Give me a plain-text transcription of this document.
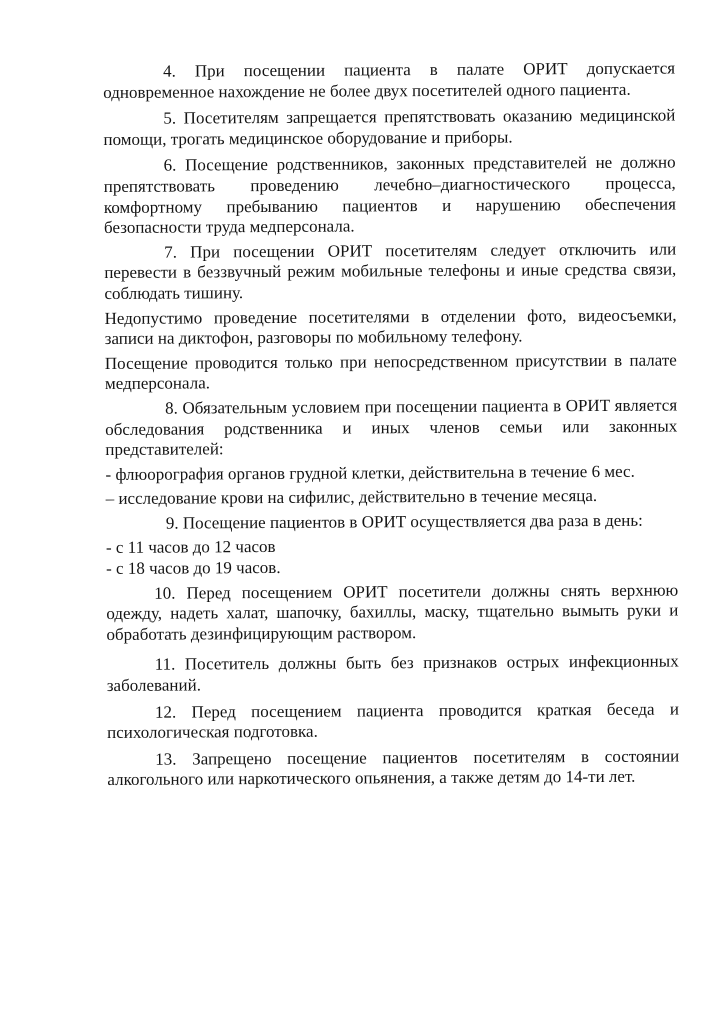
4. При посещении пациента в палате ОРИТ допускается одновременное нахождение не более двух посетителей одного пациента.

5. Посетителям запрещается препятствовать оказанию медицинской помощи, трогать медицинское оборудование и приборы.

6. Посещение родственников, законных представителей не должно препятствовать проведению лечебно–диагностического процесса, комфортному пребыванию пациентов и нарушению обеспечения безопасности труда медперсонала.

7. При посещении ОРИТ посетителям следует отключить или перевести в беззвучный режим мобильные телефоны и иные средства связи, соблюдать тишину.

Недопустимо проведение посетителями в отделении фото, видеосъемки, записи на диктофон, разговоры по мобильному телефону.

Посещение проводится только при непосредственном присутствии в палате медперсонала.

8. Обязательным условием при посещении пациента в ОРИТ является обследования родственника и иных членов семьи или законных представителей:

- флюорография органов грудной клетки, действительна в течение 6 мес.

– исследование крови на сифилис, действительно в течение месяца.

9. Посещение пациентов в ОРИТ осуществляется два раза в день:

- с 11 часов до 12 часов

- с 18 часов до 19 часов.

10. Перед посещением ОРИТ посетители должны снять верхнюю одежду, надеть халат, шапочку, бахиллы, маску, тщательно вымыть руки и обработать дезинфицирующим раствором.

11. Посетитель должны быть без признаков острых инфекционных заболеваний.

12. Перед посещением пациента проводится краткая беседа и психологическая подготовка.

13. Запрещено посещение пациентов посетителям в состоянии алкогольного или наркотического опьянения, а также детям до 14-ти лет.
